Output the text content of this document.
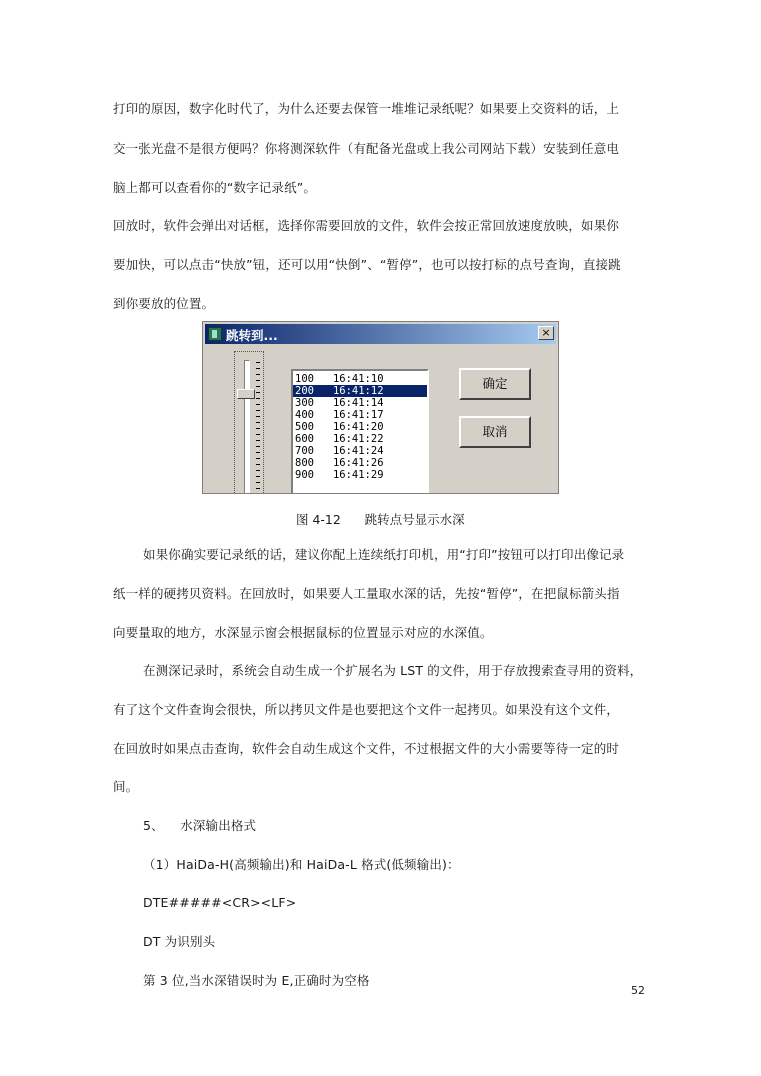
打印的原因，数字化时代了，为什么还要去保管一堆堆记录纸呢？如果要上交资料的话，上
交一张光盘不是很方便吗？你将测深软件（有配备光盘或上我公司网站下载）安装到任意电
脑上都可以查看你的“数字记录纸”。
回放时，软件会弹出对话框，选择你需要回放的文件，软件会按正常回放速度放映，如果你
要加快，可以点击“快放”钮，还可以用“快倒”、“暂停”，也可以按打标的点号查询，直接跳
到你要放的位置。
跳转到...	×
100 16:41:10
200 16:41:12
300 16:41:14
400 16:41:17
500 16:41:20
600 16:41:22
700 16:41:24
800 16:41:26
900 16:41:29
确定
取消
图 4-12      跳转点号显示水深
如果你确实要记录纸的话，建议你配上连续纸打印机，用“打印”按钮可以打印出像记录
纸一样的硬拷贝资料。在回放时，如果要人工量取水深的话，先按“暂停”，在把鼠标箭头指
向要量取的地方，水深显示窗会根据鼠标的位置显示对应的水深值。
在测深记录时，系统会自动生成一个扩展名为 LST 的文件，用于存放搜索查寻用的资料，
有了这个文件查询会很快，所以拷贝文件是也要把这个文件一起拷贝。如果没有这个文件，
在回放时如果点击查询，软件会自动生成这个文件，不过根据文件的大小需要等待一定的时
间。
5、    水深输出格式
（1）HaiDa-H(高频输出)和 HaiDa-L 格式(低频输出)：
DTE#####<CR><LF>
DT 为识别头
第 3 位,当水深错误时为 E,正确时为空格
52
